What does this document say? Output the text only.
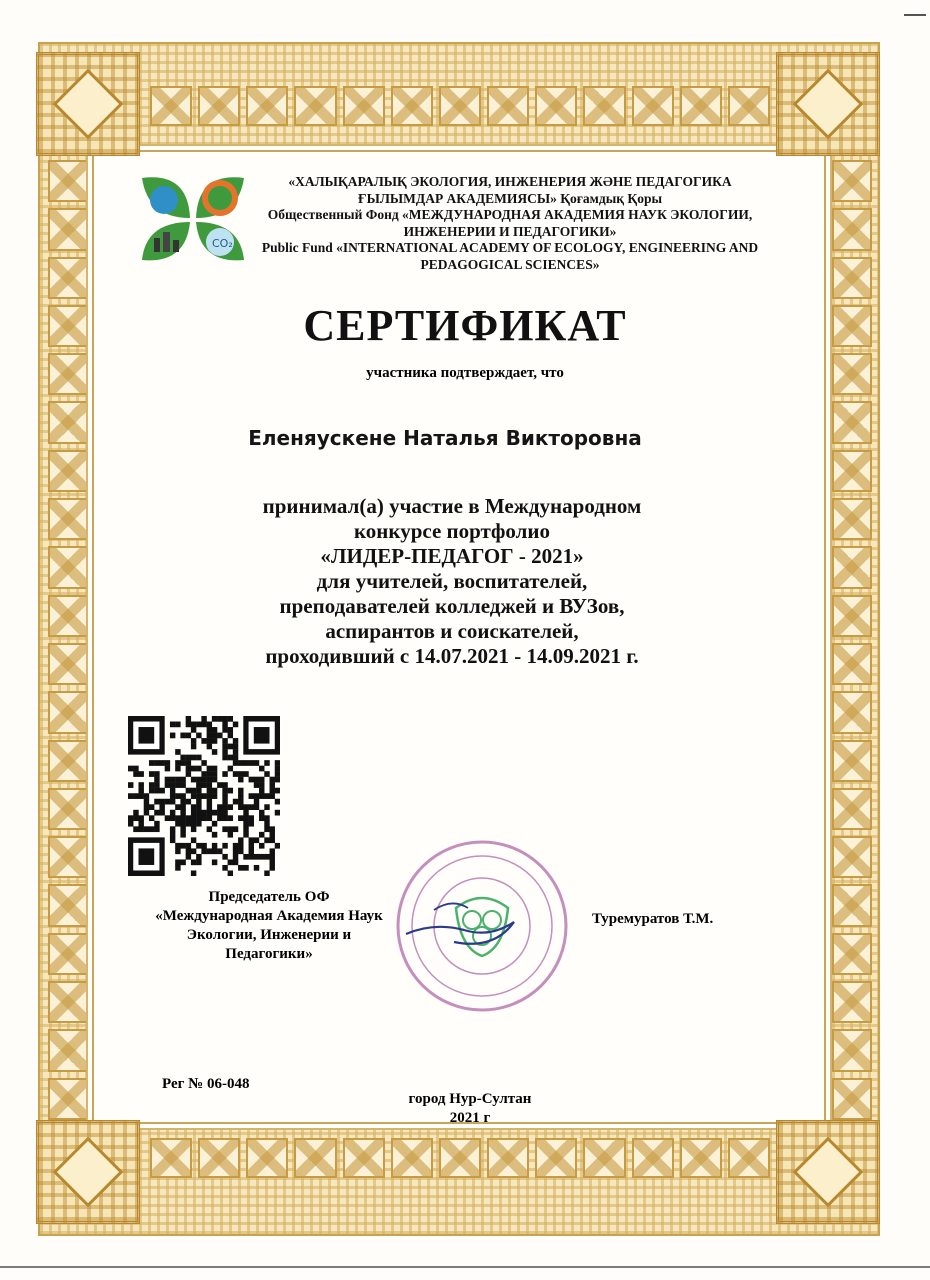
CO₂
«ХАЛЫҚАРАЛЫҚ ЭКОЛОГИЯ, ИНЖЕНЕРИЯ ЖӘНЕ ПЕДАГОГИКА ҒЫЛЫМДАР АКАДЕМИЯСЫ» Қоғамдық Қоры
Общественный Фонд «МЕЖДУНАРОДНАЯ АКАДЕМИЯ НАУК ЭКОЛОГИИ, ИНЖЕНЕРИИ И ПЕДАГОГИКИ»
Public Fund «INTERNATIONAL ACADEMY OF ECOLOGY, ENGINEERING AND PEDAGOGICAL SCIENCES»
СЕРТИФИКАТ
участника подтверждает, что
Еленяускене Наталья Викторовна
принимал(а) участие в Международном
конкурсе портфолио
«ЛИДЕР-ПЕДАГОГ - 2021»
для учителей, воспитателей,
преподавателей колледжей и ВУЗов,
аспирантов и соискателей,
проходивший с 14.07.2021 - 14.09.2021 г.
Председатель ОФ
«Международная Академия Наук
Экологии, Инженерии и
Педагогики»
Туремуратов Т.М.
Рег № 06-048
город Нур-Султан
2021 г
